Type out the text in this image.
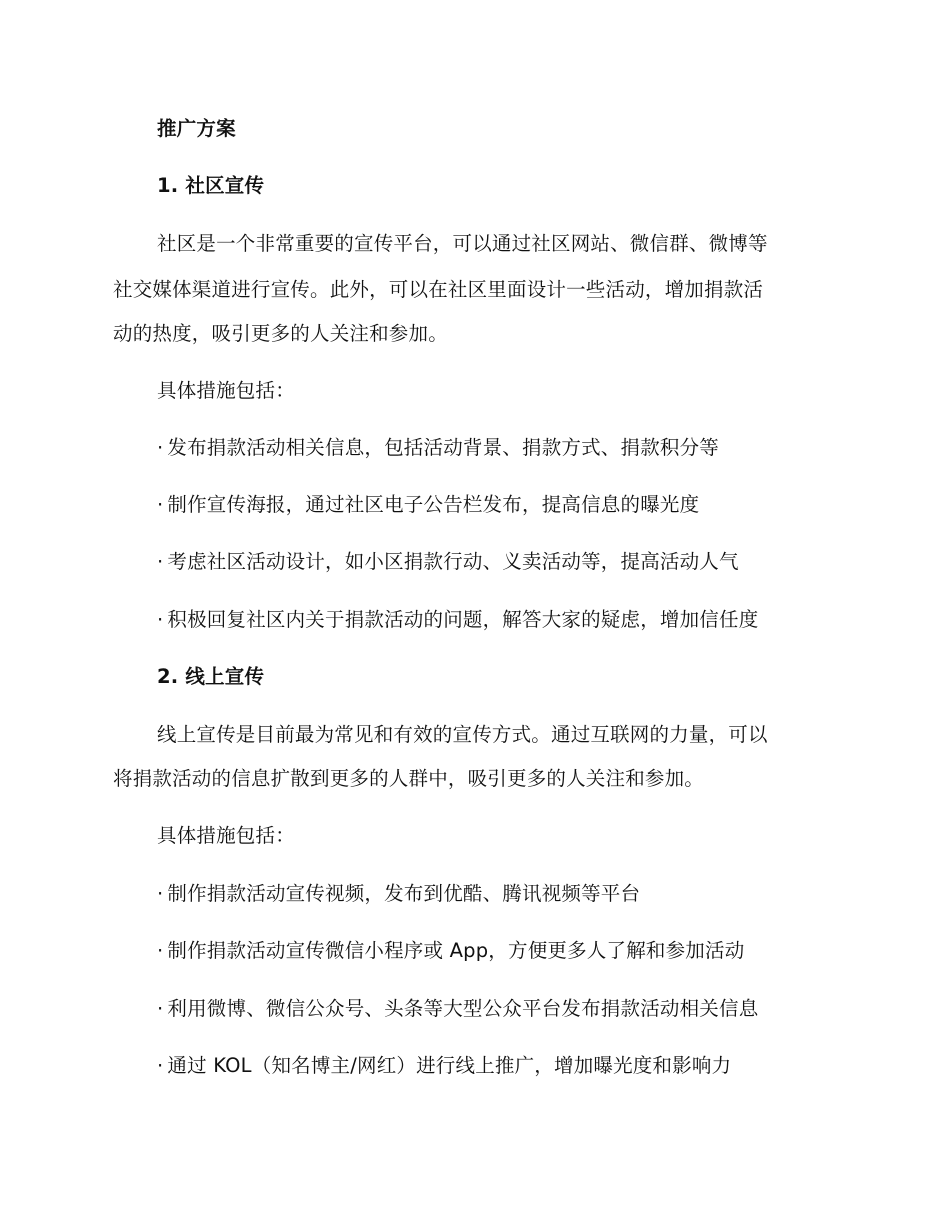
推广方案
1. 社区宣传
社区是一个非常重要的宣传平台，可以通过社区网站、微信群、微博等
社交媒体渠道进行宣传。此外，可以在社区里面设计一些活动，增加捐款活
动的热度，吸引更多的人关注和参加。
具体措施包括：
· 发布捐款活动相关信息，包括活动背景、捐款方式、捐款积分等
· 制作宣传海报，通过社区电子公告栏发布，提高信息的曝光度
· 考虑社区活动设计，如小区捐款行动、义卖活动等，提高活动人气
· 积极回复社区内关于捐款活动的问题，解答大家的疑虑，增加信任度
2. 线上宣传
线上宣传是目前最为常见和有效的宣传方式。通过互联网的力量，可以
将捐款活动的信息扩散到更多的人群中，吸引更多的人关注和参加。
具体措施包括：
· 制作捐款活动宣传视频，发布到优酷、腾讯视频等平台
· 制作捐款活动宣传微信小程序或 App，方便更多人了解和参加活动
· 利用微博、微信公众号、头条等大型公众平台发布捐款活动相关信息
· 通过 KOL（知名博主/网红）进行线上推广，增加曝光度和影响力
